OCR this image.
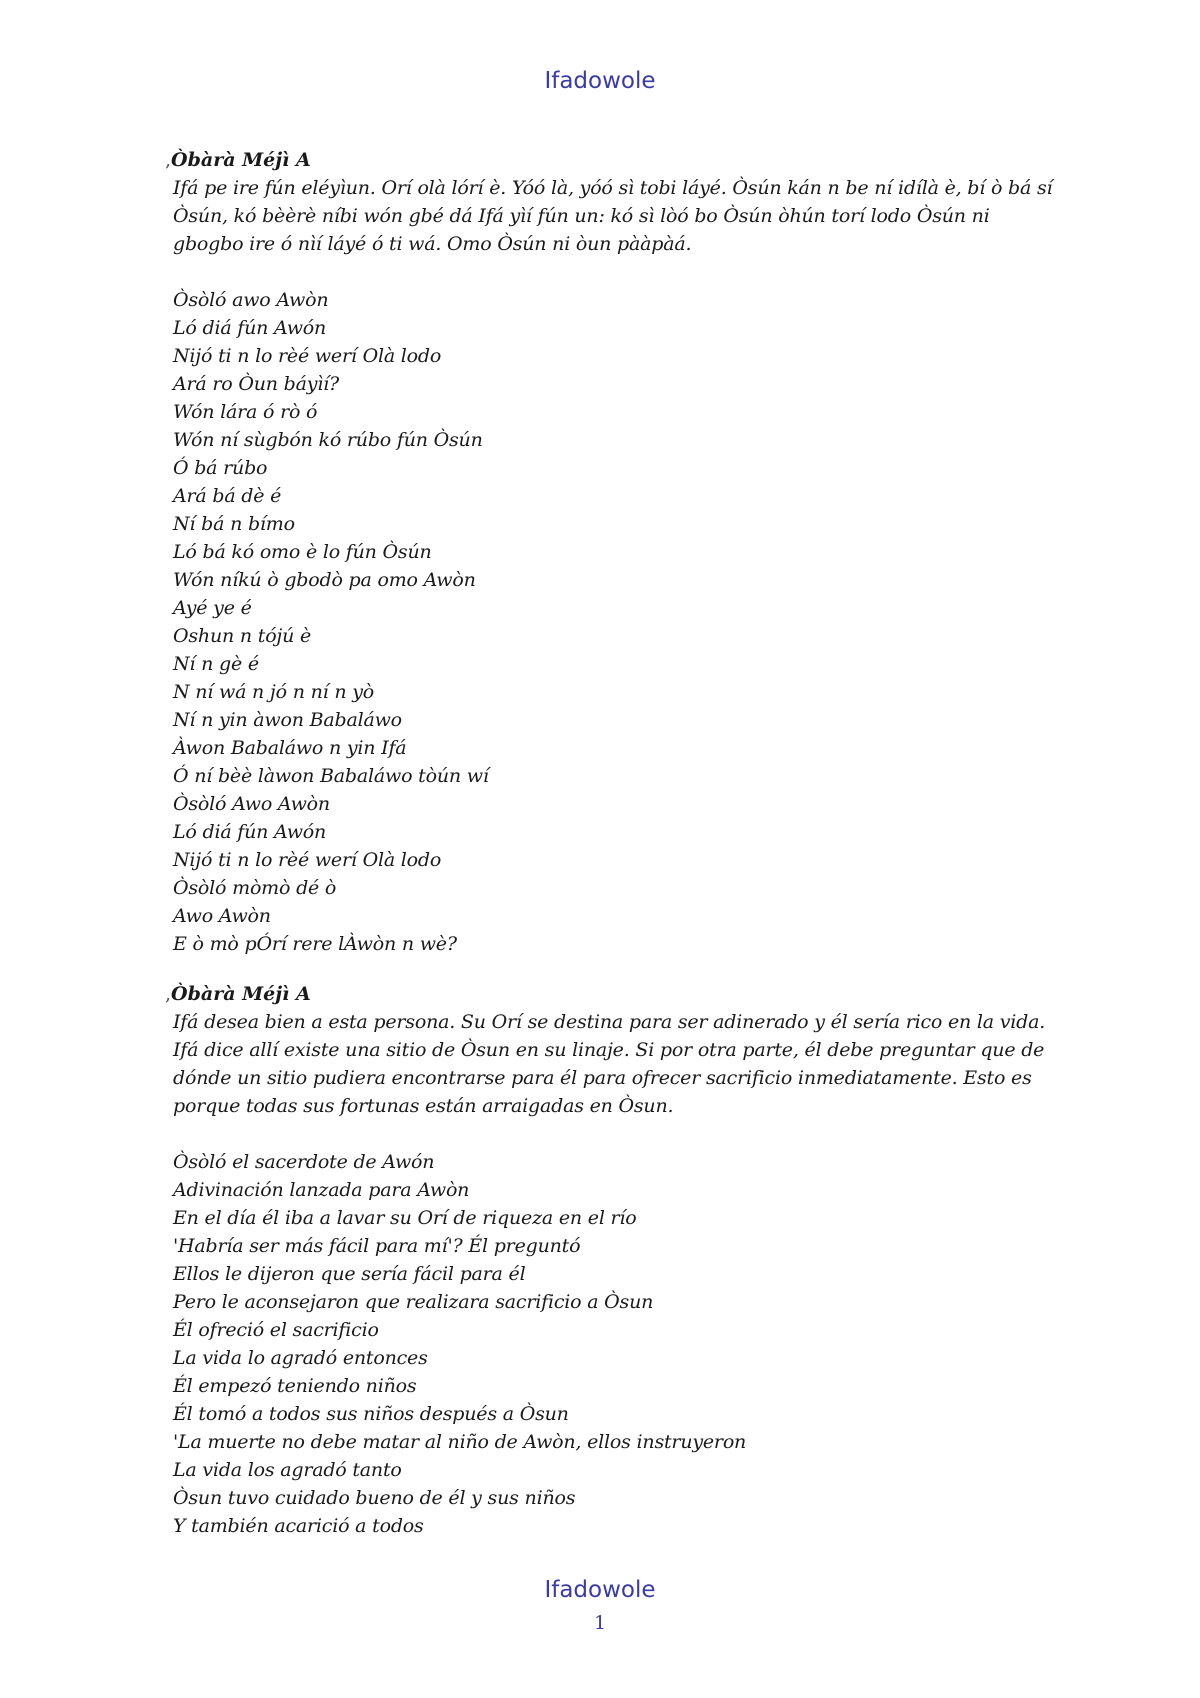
Ifadowole
,Òbàrà Méjì A
Ifá pe ire fún eléyìun. Orí olà lórí è. Yóó là, yóó sì tobi láyé. Òsún kán n be ní idílà è, bí ò bá sí Òsún, kó bèèrè níbi wón gbé dá Ifá yìí fún un: kó sì lòó bo Òsún òhún torí lodo Òsún ni gbogbo ire ó nìí láyé ó ti wá. Omo Òsún ni òun pààpàá.
Òsòló awo Awòn
Ló diá fún Awón
Nijó ti n lo rèé werí Olà lodo
Ará ro Òun báyìí?
Wón lára ó rò ó
Wón ní sùgbón kó rúbo fún Òsún
Ó bá rúbo
Ará bá dè é
Ní bá n bímo
Ló bá kó omo è lo fún Òsún
Wón níkú ò gbodò pa omo Awòn
Ayé ye é
Oshun n tójú è
Ní n gè é
N ní wá n jó n ní n yò
Ní n yin àwon Babaláwo
Àwon Babaláwo n yin Ifá
Ó ní bèè làwon Babaláwo tòún wí
Òsòló Awo Awòn
Ló diá fún Awón
Nijó ti n lo rèé werí Olà lodo
Òsòló mòmò dé ò
Awo Awòn
E ò mò pÓrí rere lÀwòn n wè?
,Òbàrà Méjì A
Ifá desea bien a esta persona. Su Orí se destina para ser adinerado y él sería rico en la vida. Ifá dice allí existe una sitio de Òsun en su linaje. Si por otra parte, él debe preguntar que de dónde un sitio pudiera encontrarse para él para ofrecer sacrificio inmediatamente. Esto es porque todas sus fortunas están arraigadas en Òsun.
Òsòló el sacerdote de Awón
Adivinación lanzada para Awòn
En el día él iba a lavar su Orí de riqueza en el río
'Habría ser más fácil para mí'? Él preguntó
Ellos le dijeron que sería fácil para él
Pero le aconsejaron que realizara sacrificio a Òsun
Él ofreció el sacrificio
La vida lo agradó entonces
Él empezó teniendo niños
Él tomó a todos sus niños después a Òsun
'La muerte no debe matar al niño de Awòn, ellos instruyeron
La vida los agradó tanto
Òsun tuvo cuidado bueno de él y sus niños
Y también acarició a todos
Ifadowole
1
